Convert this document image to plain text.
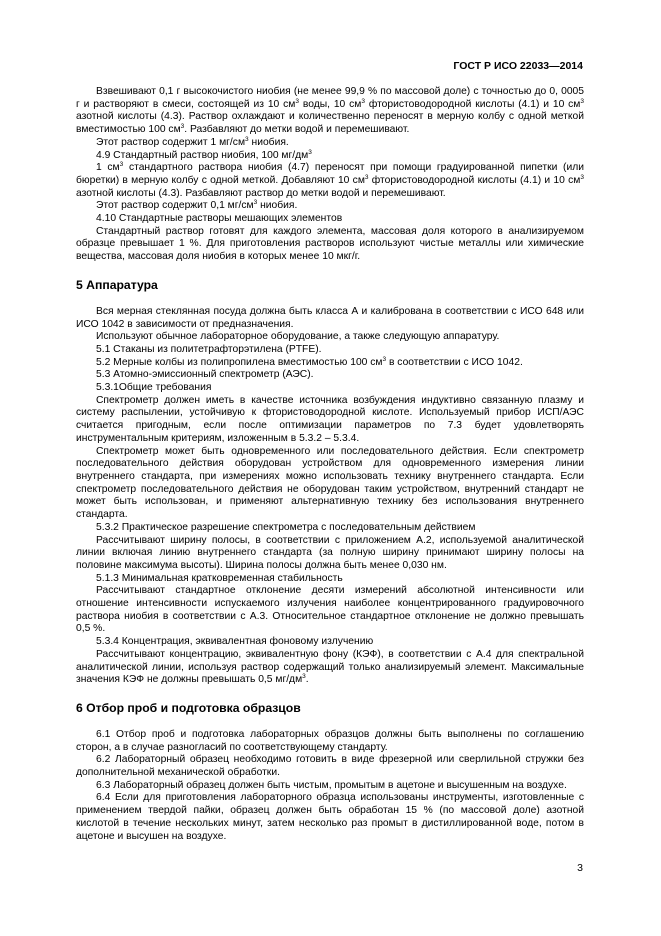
ГОСТ Р ИСО 22033—2014

Взвешивают 0,1 г высокочистого ниобия (не менее 99,9 % по массовой доле) с точностью до 0, 0005 г и растворяют в смеси, состоящей из 10 $см^3$ воды, 10 $см^3$ фтористоводородной кислоты (4.1) и 10 $см^3$ азотной кислоты (4.3). Раствор охлаждают и количественно переносят в мерную колбу с одной меткой вместимостью 100 $см^3$. Разбавляют до метки водой и перемешивают.

Этот раствор содержит 1 $мг/см^3$ ниобия.

4.9 Стандартный раствор ниобия, 100 $мг/дм^3$

1 $см^3$ стандартного раствора ниобия (4.7) переносят при помощи градуированной пипетки (или бюретки) в мерную колбу с одной меткой. Добавляют 10 $см^3$ фтористоводородной кислоты (4.1) и 10 $см^3$ азотной кислоты (4.3). Разбавляют раствор до метки водой и перемешивают.

Этот раствор содержит 0,1 $мг/см^3$ ниобия.

4.10 Стандартные растворы мешающих элементов

Стандартный раствор готовят для каждого элемента, массовая доля которого в анализируемом образце превышает 1 %. Для приготовления растворов используют чистые металлы или химические вещества, массовая доля ниобия в которых менее 10 мкг/г.

5 Аппаратура

Вся мерная стеклянная посуда должна быть класса А и калибрована в соответствии с ИСО 648 или ИСО 1042 в зависимости от предназначения.

Используют обычное лабораторное оборудование, а также следующую аппаратуру.

5.1 Стаканы из политетрафторэтилена (PTFE).

5.2 Мерные колбы из полипропилена вместимостью 100 $см^3$ в соответствии с ИСО 1042.

5.3 Атомно-эмиссионный спектрометр (АЭС).

5.3.1Общие требования

Спектрометр должен иметь в качестве источника возбуждения индуктивно связанную плазму и систему распылении, устойчивую к фтористоводородной кислоте. Используемый прибор ИСП/АЭС считается пригодным, если после оптимизации параметров по 7.3 будет удовлетворять инструментальным критериям, изложенным в 5.3.2 – 5.3.4.

Спектрометр может быть одновременного или последовательного действия. Если спектрометр последовательного действия оборудован устройством для одновременного измерения линии внутреннего стандарта, при измерениях можно использовать технику внутреннего стандарта. Если спектрометр последовательного действия не оборудован таким устройством, внутренний стандарт не может быть использован, и применяют альтернативную технику без использования внутреннего стандарта.

5.3.2 Практическое разрешение спектрометра с последовательным действием

Рассчитывают ширину полосы, в соответствии с приложением А.2, используемой аналитической линии включая линию внутреннего стандарта (за полную ширину принимают ширину полосы на половине максимума высоты). Ширина полосы должна быть менее 0,030 нм.

5.1.3 Минимальная кратковременная стабильность

Рассчитывают стандартное отклонение десяти измерений абсолютной интенсивности или отношение интенсивности испускаемого излучения наиболее концентрированного градуировочного раствора ниобия в соответствии с А.3. Относительное стандартное отклонение не должно превышать 0,5 %.

5.3.4 Концентрация, эквивалентная фоновому излучению

Рассчитывают концентрацию, эквивалентную фону (КЭФ), в соответствии с А.4 для спектральной аналитической линии, используя раствор содержащий только анализируемый элемент. Максимальные значения КЭФ не должны превышать 0,5 $мг/дм^3$.

6 Отбор проб и подготовка образцов

6.1 Отбор проб и подготовка лабораторных образцов должны быть выполнены по соглашению сторон, а в случае разногласий по соответствующему стандарту.

6.2 Лабораторный образец необходимо готовить в виде фрезерной или сверлильной стружки без дополнительной механической обработки.

6.3 Лабораторный образец должен быть чистым, промытым в ацетоне и высушенным на воздухе.

6.4 Если для приготовления лабораторного образца использованы инструменты, изготовленные с применением твердой пайки, образец должен быть обработан 15 % (по массовой доле) азотной кислотой в течение нескольких минут, затем несколько раз промыт в дистиллированной воде, потом в ацетоне и высушен на воздухе.

3
